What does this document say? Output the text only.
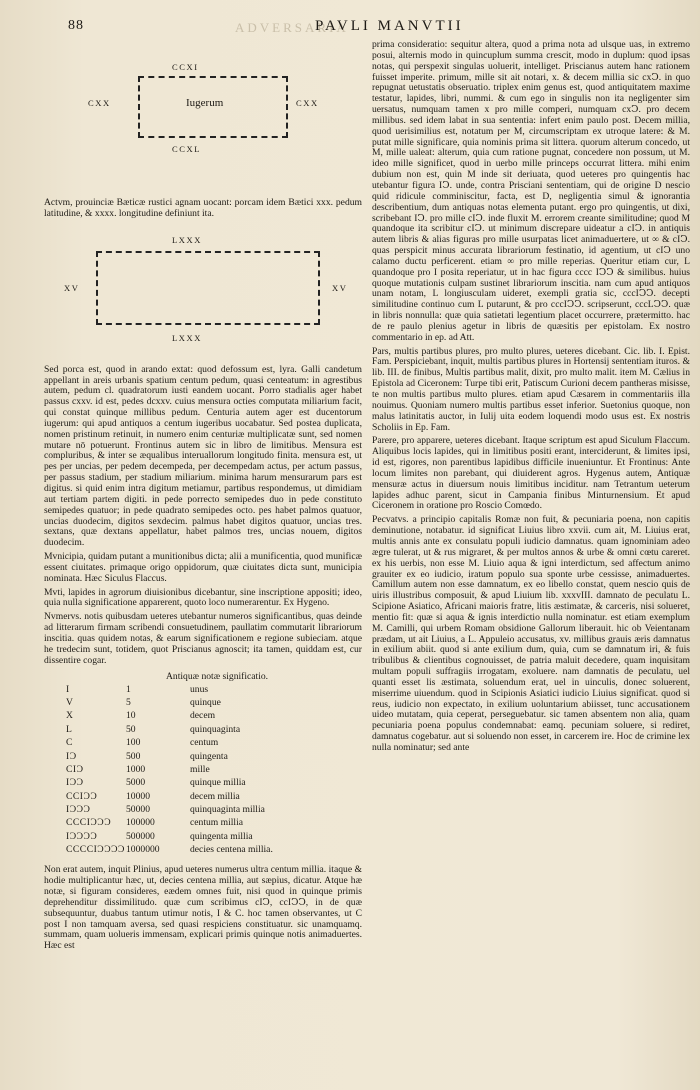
ADVERSARIA
88	PAVLI MANVTII
CCXI
CXX	Iugerum	CXX
CCXL

Actvm, prouinciæ Bæticæ rustici agnam uocant: porcam idem Bætici xxx. pedum latitudine, & xxxx. longitudine definiunt ita.

LXXX
XV	XV
LXXX

Sed porca est, quod in arando extat: quod defossum est, lyra. Galli candetum appellant in areis urbanis spatium centum pedum, quasi centeatum: in agrestibus autem, pedum cl. quadratorum iusti eandem uocant. Porro stadialis ager habet passus cxxv. id est, pedes dcxxv. cuius mensura octies computata miliarium facit, qui constat quinque millibus pedum. Centuria autem ager est ducentorum iugerum: qui apud antiquos a centum iugeribus uocabatur. Sed postea duplicata, nomen pristinum retinuit, in numero enim centuriæ multiplicatæ sunt, sed nomen mutare nō potuerunt. Frontinus autem sic in libro de limitibus. Mensura est compluribus, & inter se æqualibus interuallorum longitudo finita. mensura est, ut pes per uncias, per pedem decempeda, per decempedam actus, per actum passus, per passus stadium, per stadium miliarium. minima harum mensurarum pars est digitus. si quid enim intra digitum metiamur, partibus respondemus, ut dimidiam aut tertiam partem digiti. in pede porrecto semipedes duo in pede constituto semipedes quatuor; in pede quadrato semipedes octo. pes habet palmos quatuor, uncias duodecim, digitos sexdecim. palmus habet digitos quatuor, uncias tres. sextans, quæ dextans appellatur, habet palmos tres, uncias nouem, digitos duodecim.

Mvnicipia, quidam putant a munitionibus dicta; alii a munificentia, quod munificæ essent ciuitates. primaque origo oppidorum, quæ ciuitates dicta sunt, municipia nominata. Hæc Siculus Flaccus.

Mvti, lapides in agrorum diuisionibus dicebantur, sine inscriptione appositi; ideo, quia nulla significatione apparerent, quoto loco numerarentur. Ex Hygeno.

Nvmervs. notis quibusdam ueteres utebantur numeros significantibus, quas deinde ad litterarum firmam scribendi consuetudinem, paullatim commutarit librariorum inscitia. quas quidem notas, & earum significationem e regione subieciam. atque he tredecim sunt, totidem, quot Priscianus agnoscit; ita tamen, quiddam est, cur dissentire cogar.

Antiquæ notæ significatio.
I	1	unus
V	5	quinque
X	10	decem
L	50	quinquaginta
C	100	centum
IƆ	500	quingenta
CIƆ	1000	mille
IƆƆ	5000	quinque millia
CCIƆƆ	10000	decem millia
IƆƆƆ	50000	quinquaginta millia
CCCIƆƆƆ	100000	centum millia
IƆƆƆƆ	500000	quingenta millia
CCCCIƆƆƆƆ 1000000	decies centena millia.

Non erat autem, inquit Plinius, apud ueteres numerus ultra centum millia. itaque & hodie multiplicantur hæc, ut, decies centena millia, aut sæpius, dicatur. Atque hæ notæ, si figuram consideres, eædem omnes fuit, nisi quod in quinque primis deprehenditur dissimilitudo. quæ cum scribimus cIↃ, ccIↃↃ, in de quæ subsequuntur, duabus tantum utimur notis, I & C. hoc tamen observantes, ut C post I non tamquam aversa, sed quasi respiciens constituatur. sic unamquamq. summam, quam uolueris immensam, explicari primis quinque notis animaduertes. Hæc est

prima consideratio: sequitur altera, quod a prima nota ad ulsque uas, in extremo posui, alternis modo in quincuplum summa crescit, modo in duplum: quod ipsas notas, qui perspexit singulas uoluerit, intelliget. Priscianus autem hanc rationem fuisset imperite. primum, mille sit ait notari, x. & decem millia sic cxↃ. in quo repugnat uetustatis obseruatio. triplex enim genus est, quod antiquitatem maxime testatur, lapides, libri, nummi. & cum ego in singulis non ita negligenter sim uersatus, numquam tamen x pro mille comperi, numquam cxↃ. pro decem millibus. sed idem labat in sua sententia: infert enim paulo post. Decem millia, quod uerisimilius est, notatum per M, circumscriptam ex utroque latere: & M. putat mille significare, quia nominis prima sit littera. quorum alterum concedo, ut M, mille ualeat: alterum, quia cum ratione pugnat, concedere non possum, ut M. ideo mille significet, quod in uerbo mille princeps occurrat littera. mihi enim dubium non est, quin M inde sit deriuata, quod ueteres pro quingentis hac utebantur figura IↃ. unde, contra Prisciani sententiam, qui de origine D nescio quid ridicule comminiscitur, facta, est D, negligentia simul & ignorantia describentium, dum antiquas notas elementa putant. ergo pro quingentis, ut dixi, scribebant IↃ. pro mille cIↃ. inde fluxit M. errorem creante similitudine; quod M quandoque ita scribitur cIↃ. ut minimum discrepare uideatur a cIↃ. in antiquis autem libris & alias figuras pro mille usurpatas licet animaduertere, ut ∞ & cIↃ. quas perspicit minus accurata librariorum festinatio, id agentium, ut cIↃ uno calamo ductu perficerent. etiam ∞ pro mille reperias. Queritur etiam cur, L quandoque pro I posita reperiatur, ut in hac figura cccc IↃↃ & similibus. huius quoque mutationis culpam sustinet librariorum inscitia. nam cum apud antiquos unam notam, L longiusculam uideret, exempli gratia sic, cccIↃↃ. decepti similitudine continuo cum L putarunt, & pro cccIↃↃ. scripserunt, cccLↃↃ. quæ in libris nonnulla: quæ quia satietati legentium placet occurrere, prætermitto. hac de re paulo plenius agetur in libris de quæsitis per epistolam. Ex nostro commentario in ep. ad Att.

Pars, multis partibus plures, pro multo plures, ueteres dicebant. Cic. lib. I. Epist. Fam. Perspiciebant, inquit, multis partibus plures in Hortensij sententiam ituros. & lib. III. de finibus, Multis partibus malit, dixit, pro multo malit. item M. Cælius in Epistola ad Ciceronem: Turpe tibi erit, Patiscum Curioni decem pantheras misisse, te non multis partibus multo plures. etiam apud Cæsarem in commentariis illa nouimus. Quoniam numero multis partibus esset inferior. Suetonius quoque, non malus latinitatis auctor, in Iulij uita eodem loquendi modo usus est. Ex nostris Scholiis in Ep. Fam.

Parere, pro apparere, ueteres dicebant. Itaque scriptum est apud Siculum Flaccum. Aliquibus locis lapides, qui in limitibus positi erant, interciderunt, & limites ipsi, id est, rigores, non parentibus lapidibus difficile inueniuntur. Et Frontinus: Ante locum limites non parebant, qui diuiderent agros. Hygenus autem, Antiquæ mensuræ actus in diuersum nouis limitibus inciditur. nam Tetrantum ueterum lapides adhuc parent, sicut in Campania finibus Minturnensium. Et apud Ciceronem in oratione pro Roscio Comœdo.

Pecvatvs. a principio capitalis Romæ non fuit, & pecuniaria poena, non capitis deminutione, notabatur. id significat Liuius libro xxvii. cum ait, M. Liuius erat, multis annis ante ex consulatu populi iudicio damnatus. quam ignominiam adeo ægre tulerat, ut & rus migraret, & per multos annos & urbe & omni cœtu careret. ex his uerbis, non esse M. Liuio aqua & igni interdictum, sed affectum animo grauiter ex eo iudicio, iratum populo sua sponte urbe cessisse, animaduertes. Camillum autem non esse damnatum, ex eo libello constat, quem nescio quis de uiris illustribus composuit, & apud Liuium lib. xxxvIII. damnato de peculatu L. Scipione Asiatico, Africani maioris fratre, litis æstimatæ, & carceris, nisi solueret, mentio fit: quæ si aqua & ignis interdictio nulla nominatur. est etiam exemplum M. Camilli, qui urbem Romam obsidione Gallorum liberauit. hic ob Veientanam prædam, ut ait Liuius, a L. Appuleio accusatus, xv. millibus grauis æris damnatus in exilium abiit. quod si ante exilium dum, quia, cum se damnatum iri, & fuis tribulibus & clientibus cognouisset, de patria maluit decedere, quam inquisitam multam populi suffragiis irrogatam, exoluere. nam damnatis de peculatu, uel quanti esset lis æstimata, soluendum erat, uel in uinculis, donec soluerent, miserrime uiuendum. quod in Scipionis Asiatici iudicio Liuius significat. quod si reus, iudicio non expectato, in exilium uoluntarium abiisset, tunc accusationem uideo mutatam, quia ceperat, perseguebatur. sic tamen absentem non alia, quam pecuniaria poena populus condemnabat: eamq. pecuniam soluere, si rediret, damnatus cogebatur. aut si soluendo non esset, in carcerem ire. Hoc de crimine lex nulla nominatur; sed ante
